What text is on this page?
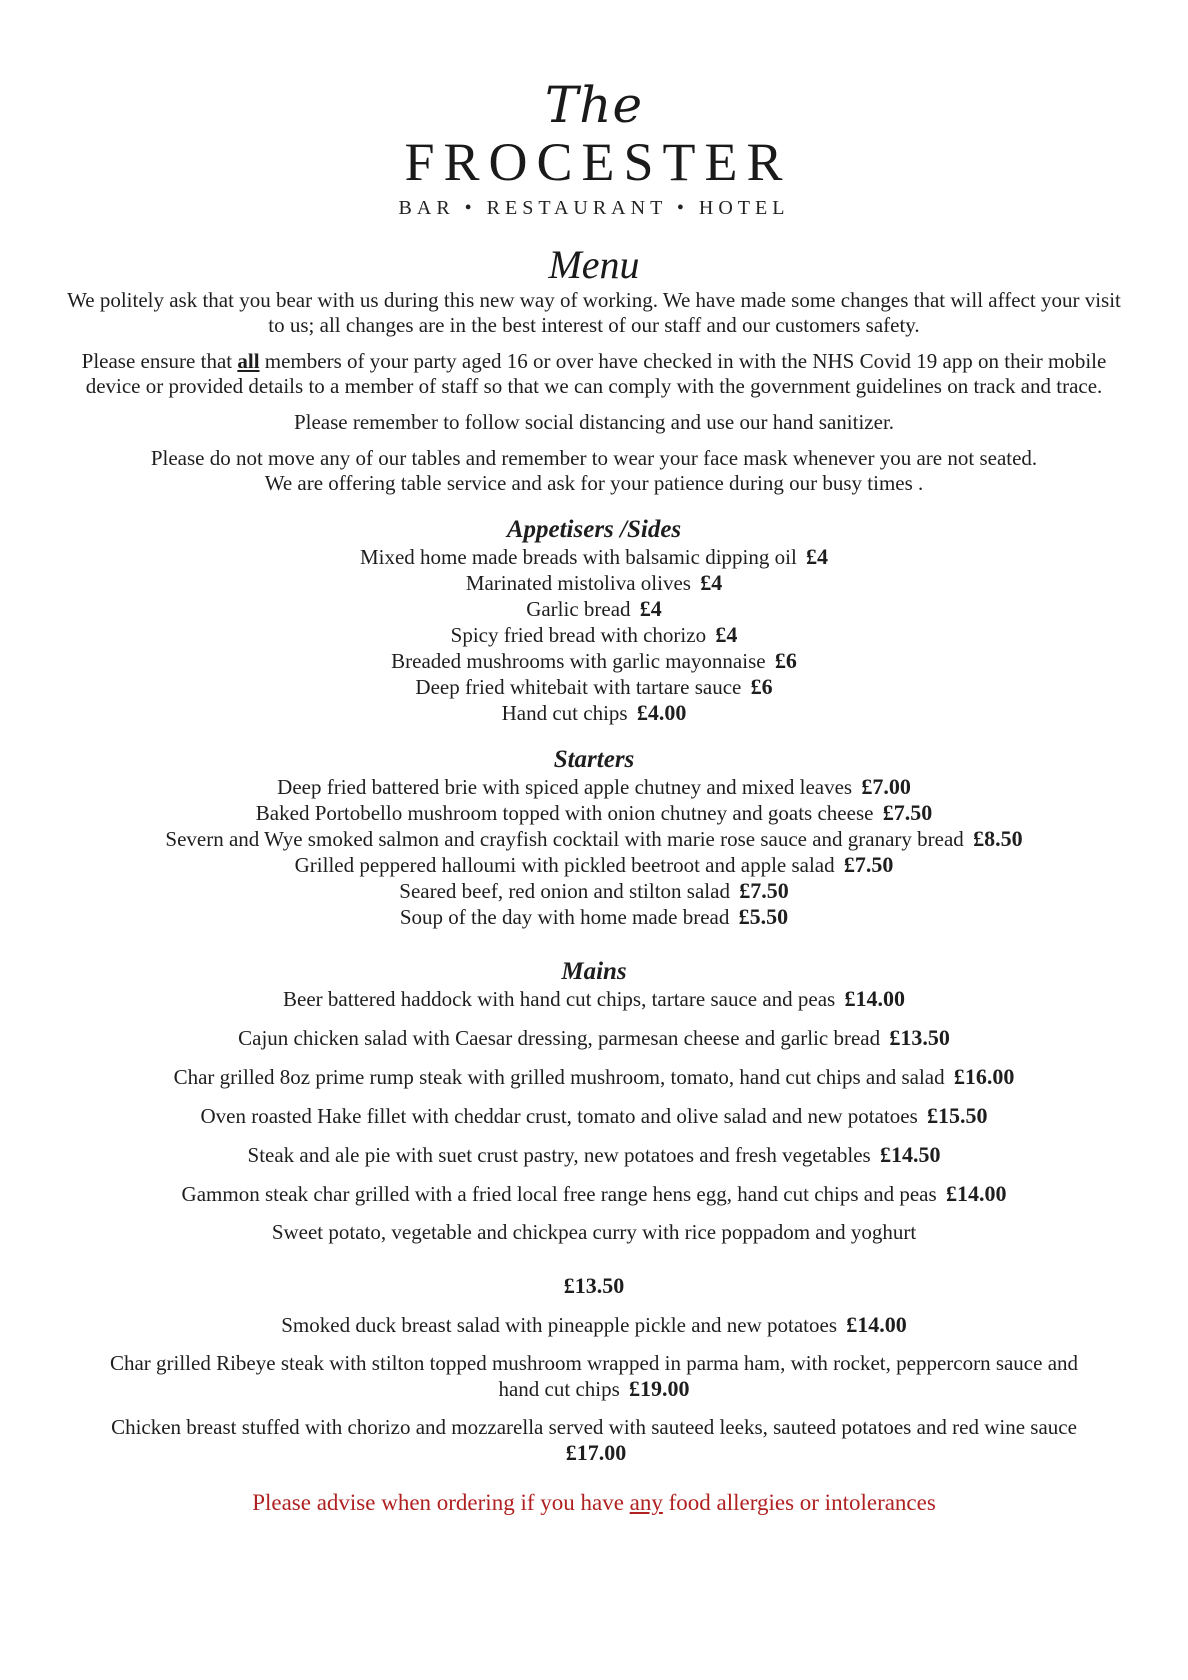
The
FROCESTER
BAR • RESTAURANT • HOTEL
Menu

We politely ask that you bear with us during this new way of working. We have made some changes that will affect your visit to us; all changes are in the best interest of our staff and our customers safety.

Please ensure that all members of your party aged 16 or over have checked in with the NHS Covid 19 app on their mobile device or provided details to a member of staff so that we can comply with the government guidelines on track and trace.

Please remember to follow social distancing and use our hand sanitizer.

Please do not move any of our tables and remember to wear your face mask whenever you are not seated.

We are offering table service and ask for your patience during our busy times .

Appetisers /Sides
Mixed home made breads with balsamic dipping oil £4
Marinated mistoliva olives £4
Garlic bread £4
Spicy fried bread with chorizo £4
Breaded mushrooms with garlic mayonnaise £6
Deep fried whitebait with tartare sauce £6
Hand cut chips £4.00
Starters
Deep fried battered brie with spiced apple chutney and mixed leaves £7.00
Baked Portobello mushroom topped with onion chutney and goats cheese £7.50
Severn and Wye smoked salmon and crayfish cocktail with marie rose sauce and granary bread £8.50
Grilled peppered halloumi with pickled beetroot and apple salad £7.50
Seared beef, red onion and stilton salad £7.50
Soup of the day with home made bread £5.50
Mains
Beer battered haddock with hand cut chips, tartare sauce and peas £14.00
Cajun chicken salad with Caesar dressing, parmesan cheese and garlic bread £13.50
Char grilled 8oz prime rump steak with grilled mushroom, tomato, hand cut chips and salad £16.00
Oven roasted Hake fillet with cheddar crust, tomato and olive salad and new potatoes £15.50
Steak and ale pie with suet crust pastry, new potatoes and fresh vegetables £14.50
Gammon steak char grilled with a fried local free range hens egg, hand cut chips and peas £14.00
Sweet potato, vegetable and chickpea curry with rice poppadom and yoghurt
£13.50
Smoked duck breast salad with pineapple pickle and new potatoes £14.00
Char grilled Ribeye steak with stilton topped mushroom wrapped in parma ham, with rocket, peppercorn sauce and hand cut chips £19.00
Chicken breast stuffed with chorizo and mozzarella served with sauteed leeks, sauteed potatoes and red wine sauce £17.00
Please advise when ordering if you have any food allergies or intolerances
